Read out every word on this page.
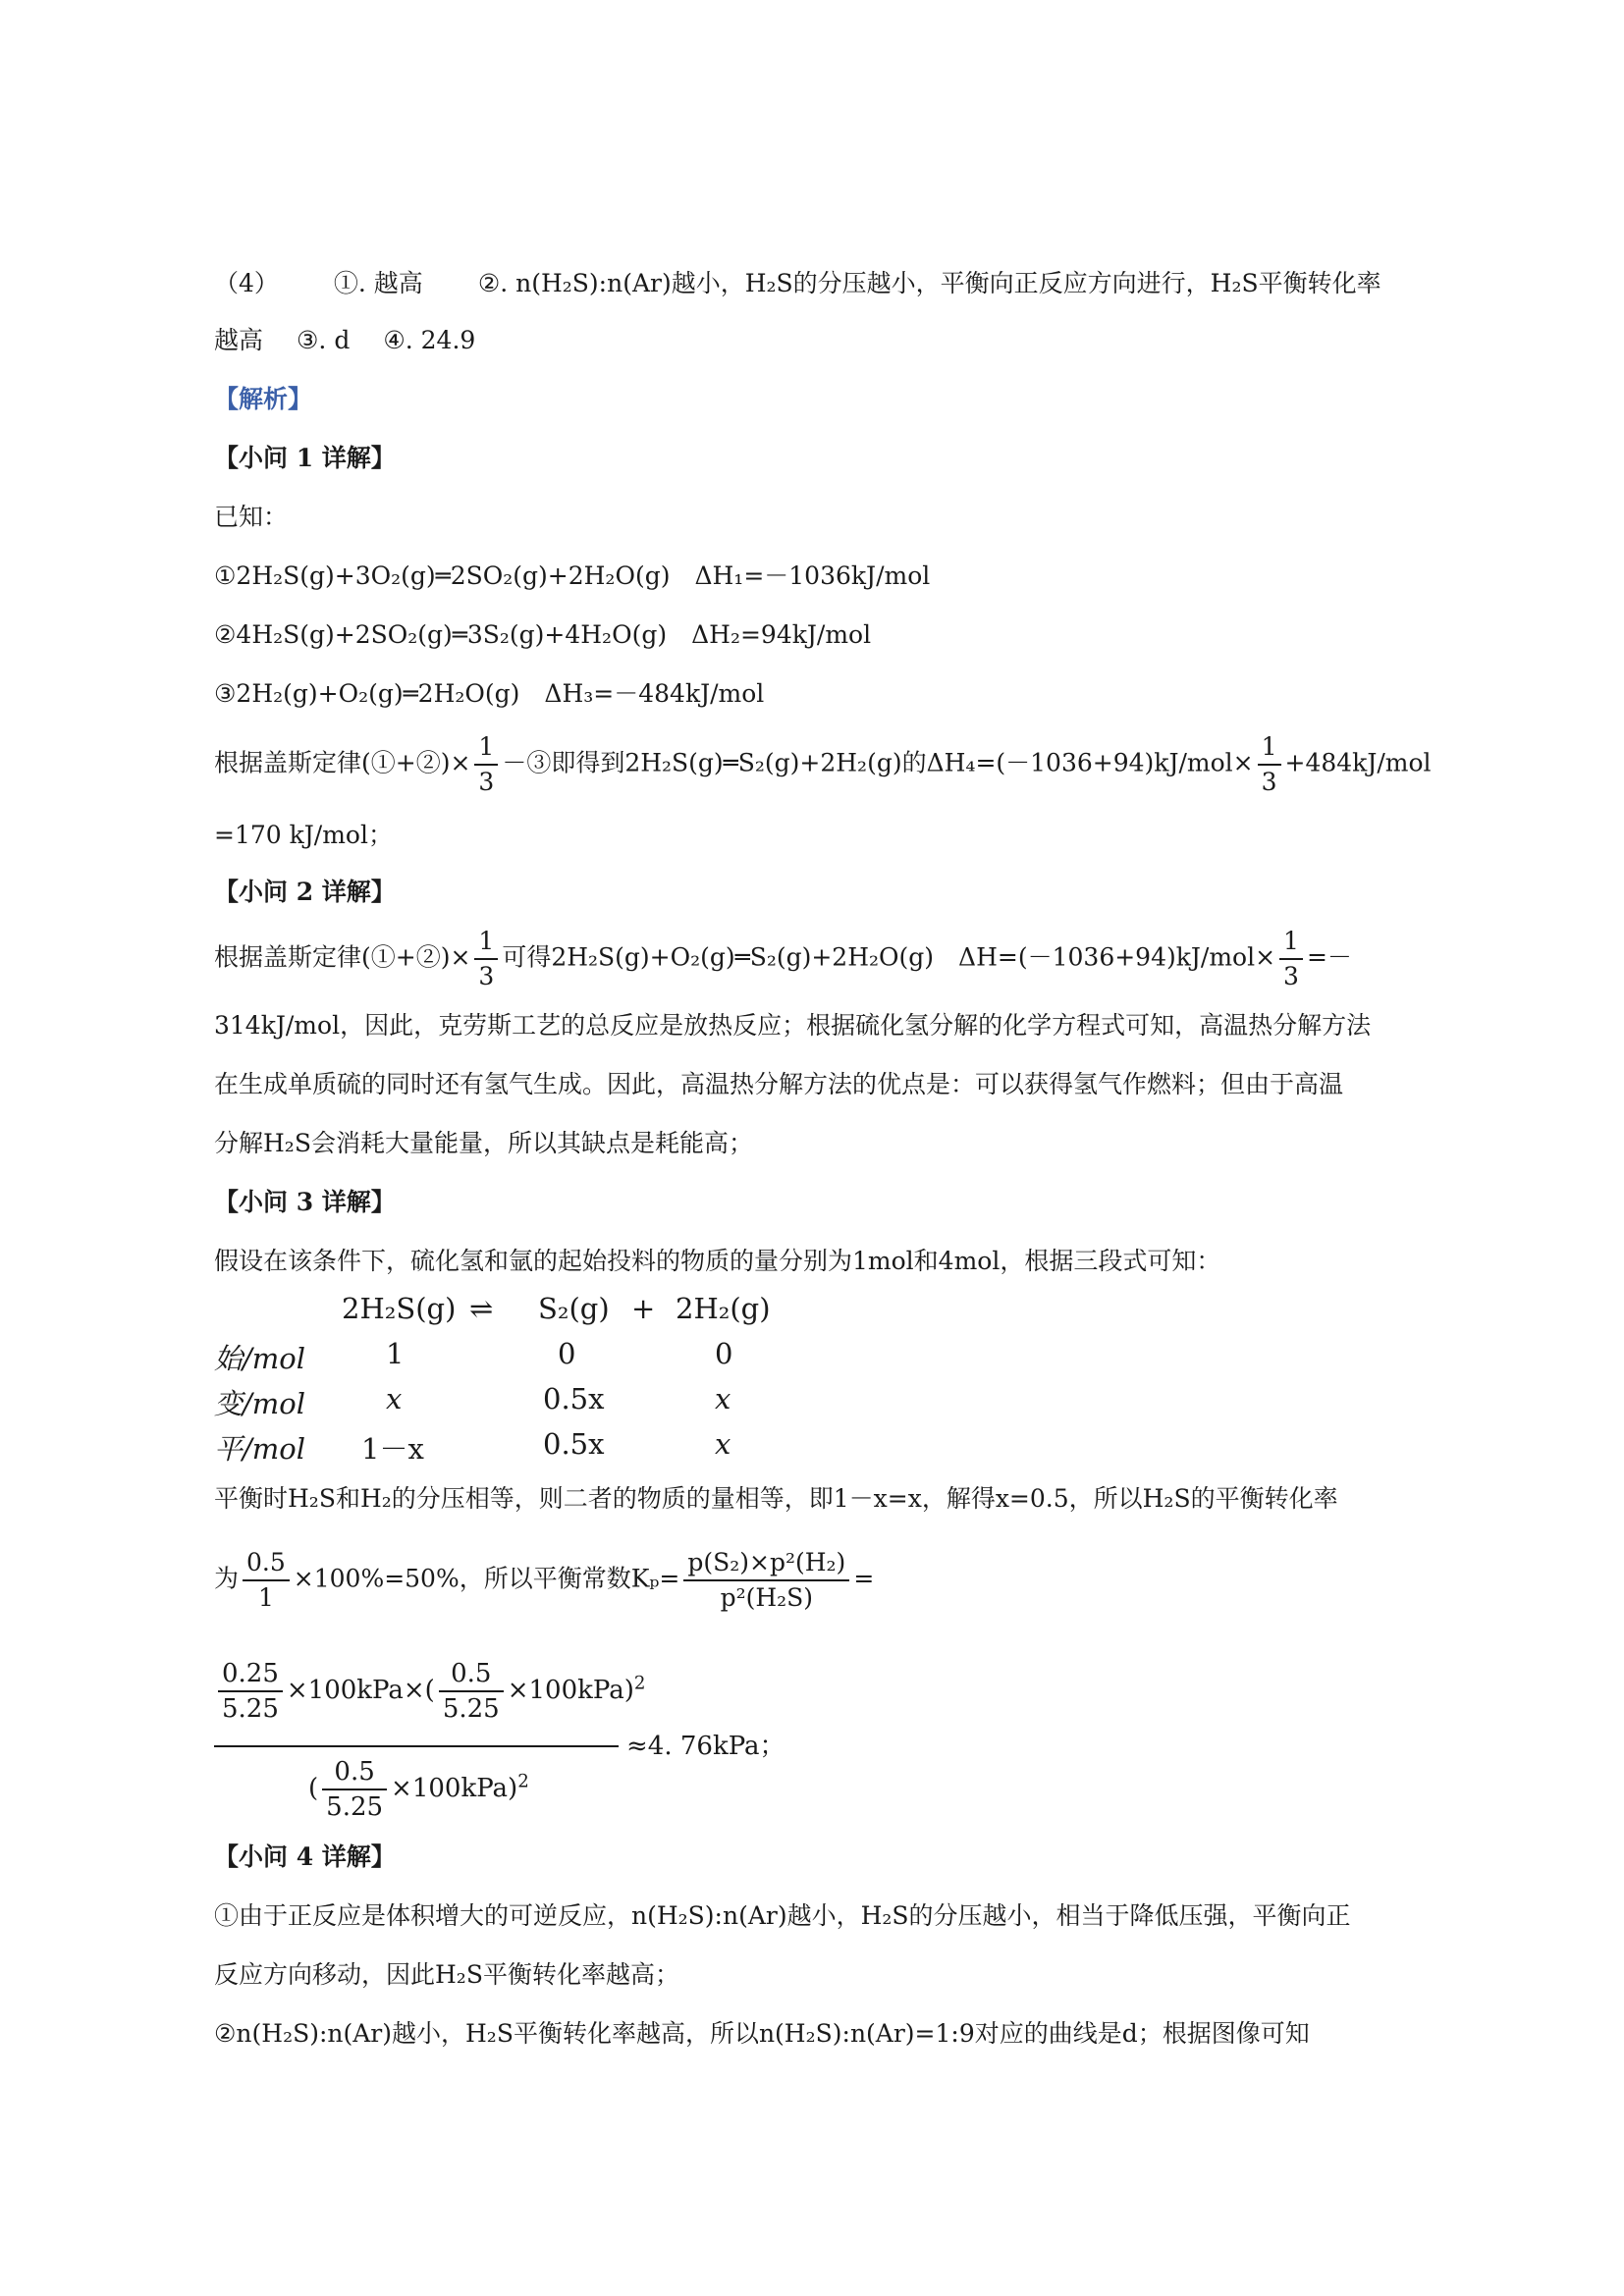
（4） ①. 越高 ②. n(H₂S):n(Ar)越小，H₂S的分压越小，平衡向正反应方向进行，H₂S平衡转化率
越高 ③. d ④. 24.9
【解析】
【小问 1 详解】
已知：
①2H₂S(g)+3O₂(g)═2SO₂(g)+2H₂O(g)　ΔH₁=－1036kJ/mol
②4H₂S(g)+2SO₂(g)═3S₂(g)+4H₂O(g)　ΔH₂=94kJ/mol
③2H₂(g)+O₂(g)═2H₂O(g)　ΔH₃=－484kJ/mol
根据盖斯定律(①+②)× $\frac{1}{3}$ －③即得到2H₂S(g)═S₂(g)+2H₂(g)的$\Delta H_4=(-1036+94)kJ/mol\times \frac{1}{3} +484kJ/mol$
=170 kJ/mol；
【小问 2 详解】
根据盖斯定律(①+②)× $\frac{1}{3}$ 可得2H₂S(g)+O₂(g)═S₂(g)+2H₂O(g)　$\Delta H=(-1036+94)kJ/mol\times \frac{1}{3}$ =－
314kJ/mol，因此，克劳斯工艺的总反应是放热反应；根据硫化氢分解的化学方程式可知，高温热分解方法
在生成单质硫的同时还有氢气生成。因此，高温热分解方法的优点是：可以获得氢气作燃料；但由于高温
分解H₂S会消耗大量能量，所以其缺点是耗能高；
【小问 3 详解】
假设在该条件下，硫化氢和氩的起始投料的物质的量分别为1mol和4mol，根据三段式可知：
2H₂S(g) ⇌ S₂(g) + 2H₂(g)
始/mol	1	0	0
变/mol	x	0.5x	x
平/mol 1－x	0.5x	x
平衡时H₂S和H₂的分压相等，则二者的物质的量相等，即1－x=x，解得x=0.5，所以H₂S的平衡转化率
为 $\frac{0.5}{1} \times 100\%=50\%$，所以平衡常数$K_p= \frac{\text{p(S₂)×p²(H₂)}}{\text{p²(H₂S)}}$ =
$\frac{0.25}{5.25} \times 100kPa\times( \frac{0.5}{5.25} \times 100kPa)^2$
( $\frac{0.5}{5.25} \times 100kPa)^2$
≈4. 76kPa；
【小问 4 详解】
①由于正反应是体积增大的可逆反应，n(H₂S):n(Ar)越小，H₂S的分压越小，相当于降低压强，平衡向正
反应方向移动，因此H₂S平衡转化率越高；
②n(H₂S):n(Ar)越小，H₂S平衡转化率越高，所以n(H₂S):n(Ar)=1:9对应的曲线是d；根据图像可知
